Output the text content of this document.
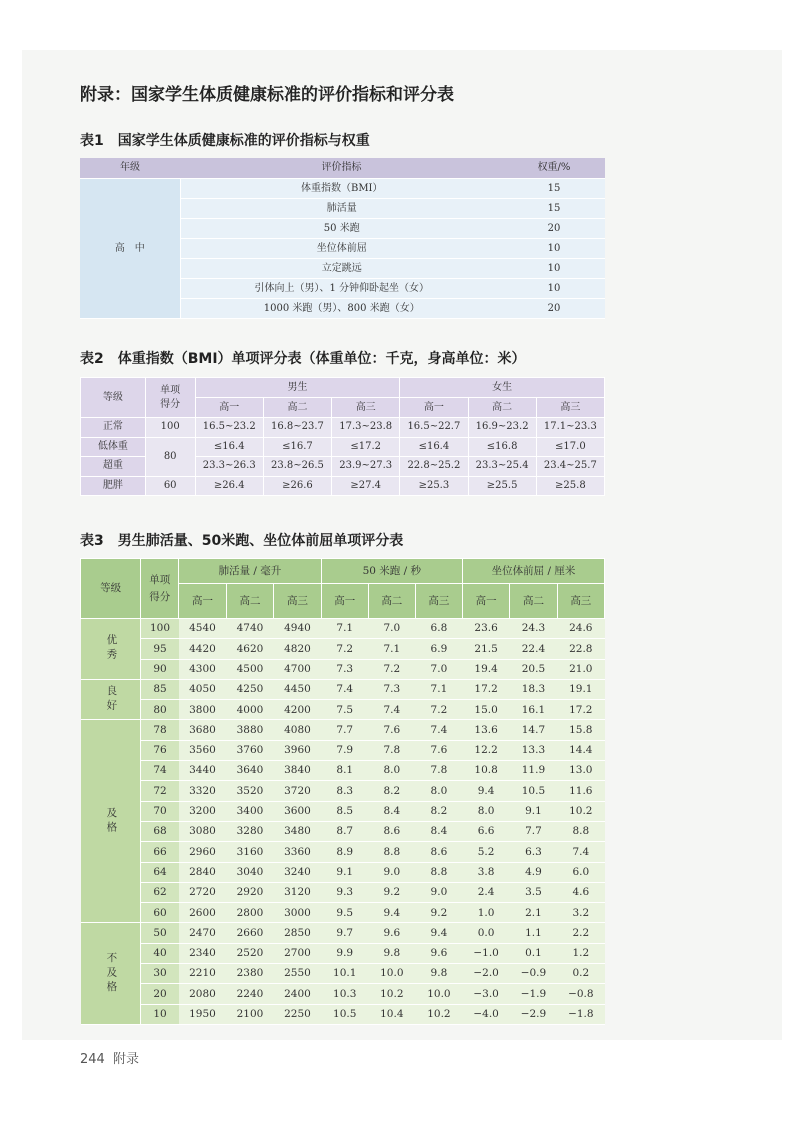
附录：国家学生体质健康标准的评价指标和评分表
表1　国家学生体质健康标准的评价指标与权重
年级	评价指标	权重/%
高　中	体重指数（BMI）	15
	肺活量	15
	50 米跑	20
	坐位体前屈	10
	立定跳远	10
	引体向上（男）、1 分钟仰卧起坐（女）	10
	1000 米跑（男）、800 米跑（女）	20
表2　体重指数（BMI）单项评分表（体重单位：千克，身高单位：米）
等级	单项得分	男生			女生		
		高一	高二	高三	高一	高二	高三
正常	100	16.5~23.2	16.8~23.7	17.3~23.8	16.5~22.7	16.9~23.2	17.1~23.3
低体重	80	≤16.4	≤16.7	≤17.2	≤16.4	≤16.8	≤17.0
超重		23.3~26.3	23.8~26.5	23.9~27.3	22.8~25.2	23.3~25.4	23.4~25.7
肥胖	60	≥26.4	≥26.6	≥27.4	≥25.3	≥25.5	≥25.8
表3　男生肺活量、50米跑、坐位体前屈单项评分表
等级	单项得分	肺活量 / 毫升			50 米跑 / 秒			坐位体前屈 / 厘米		
		高一	高二	高三	高一	高二	高三	高一	高二	高三
优秀	100	4540	4740	4940	7.1	7.0	6.8	23.6	24.3	24.6
	95	4420	4620	4820	7.2	7.1	6.9	21.5	22.4	22.8
	90	4300	4500	4700	7.3	7.2	7.0	19.4	20.5	21.0
良好	85	4050	4250	4450	7.4	7.3	7.1	17.2	18.3	19.1
	80	3800	4000	4200	7.5	7.4	7.2	15.0	16.1	17.2
及格	78	3680	3880	4080	7.7	7.6	7.4	13.6	14.7	15.8
	76	3560	3760	3960	7.9	7.8	7.6	12.2	13.3	14.4
	74	3440	3640	3840	8.1	8.0	7.8	10.8	11.9	13.0
	72	3320	3520	3720	8.3	8.2	8.0	9.4	10.5	11.6
	70	3200	3400	3600	8.5	8.4	8.2	8.0	9.1	10.2
	68	3080	3280	3480	8.7	8.6	8.4	6.6	7.7	8.8
	66	2960	3160	3360	8.9	8.8	8.6	5.2	6.3	7.4
	64	2840	3040	3240	9.1	9.0	8.8	3.8	4.9	6.0
	62	2720	2920	3120	9.3	9.2	9.0	2.4	3.5	4.6
	60	2600	2800	3000	9.5	9.4	9.2	1.0	2.1	3.2
不及格	50	2470	2660	2850	9.7	9.6	9.4	0.0	1.1	2.2
	40	2340	2520	2700	9.9	9.8	9.6	−1.0	0.1	1.2
	30	2210	2380	2550	10.1	10.0	9.8	−2.0	−0.9	0.2
	20	2080	2240	2400	10.3	10.2	10.0	−3.0	−1.9	−0.8
	10	1950	2100	2250	10.5	10.4	10.2	−4.0	−2.9	−1.8
244 附录
